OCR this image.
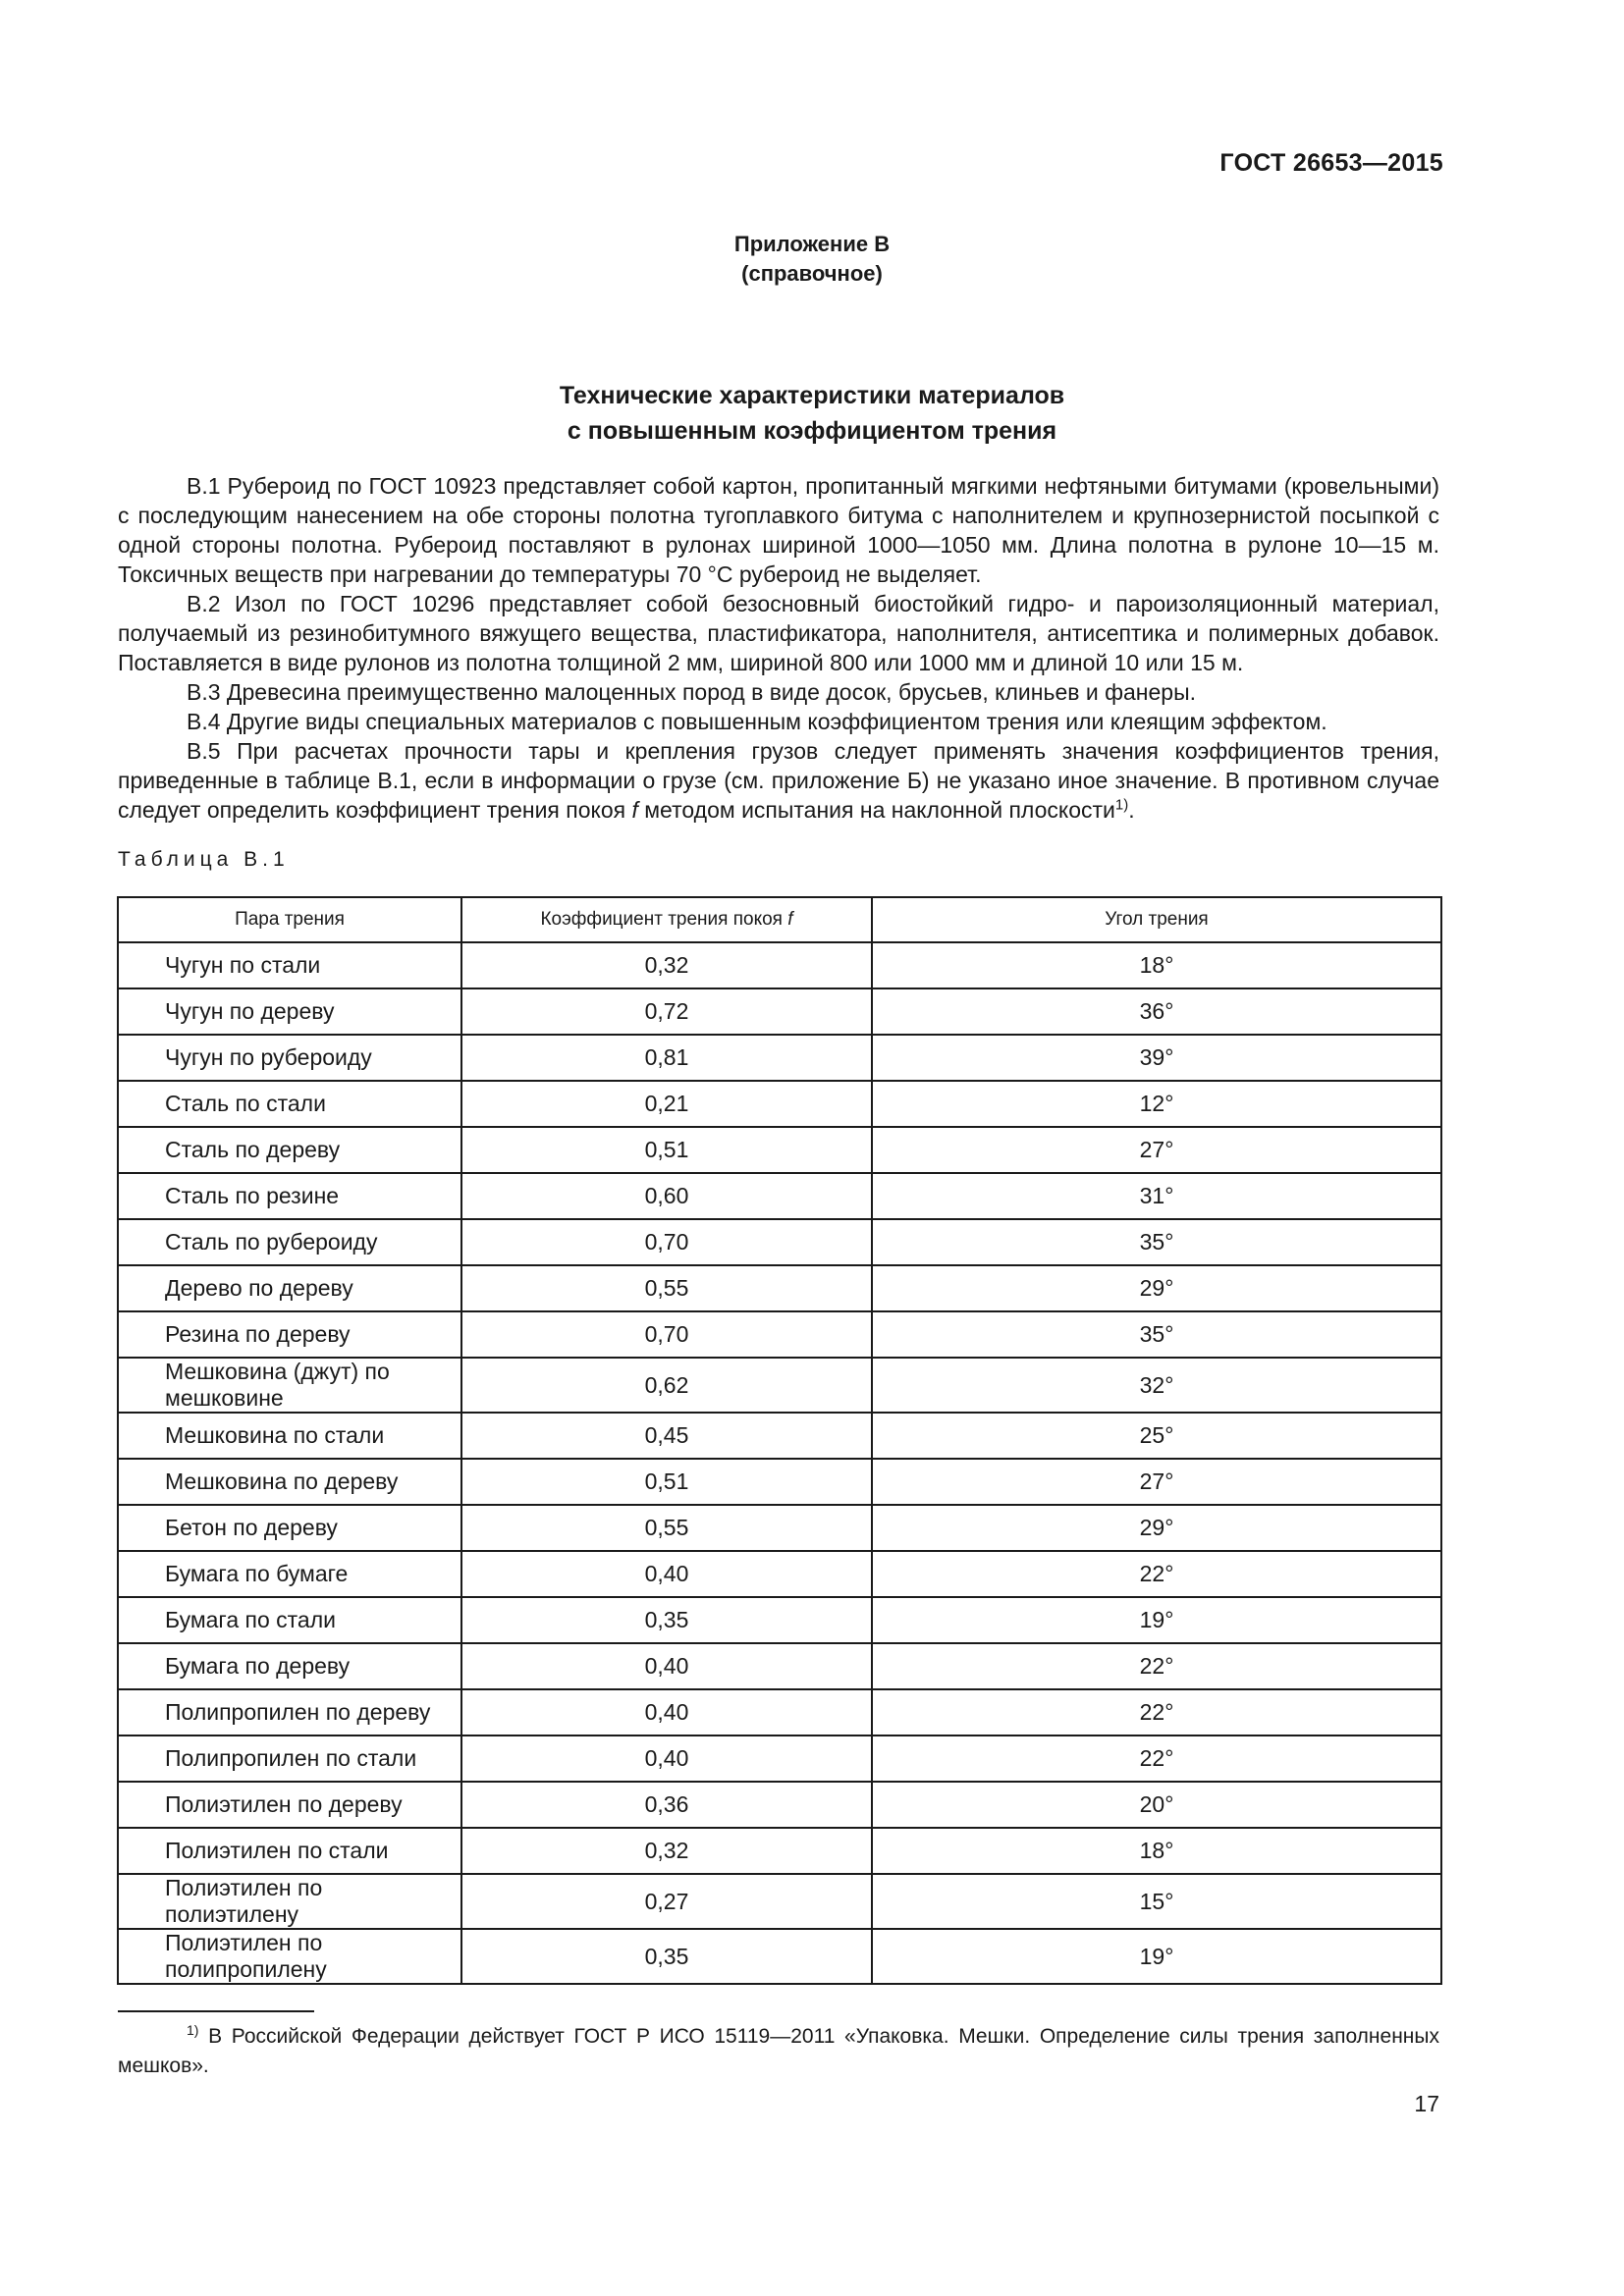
ГОСТ 26653—2015
Приложение В
(справочное)
Технические характеристики материалов
с повышенным коэффициентом трения

В.1 Рубероид по ГОСТ 10923 представляет собой картон, пропитанный мягкими нефтяными битумами (кровельными) с последующим нанесением на обе стороны полотна тугоплавкого битума с наполнителем и крупнозернистой посыпкой с одной стороны полотна. Рубероид поставляют в рулонах шириной 1000—1050 мм. Длина полотна в рулоне 10—15 м. Токсичных веществ при нагревании до температуры 70 °С рубероид не выделяет.

В.2 Изол по ГОСТ 10296 представляет собой безосновный биостойкий гидро- и пароизоляционный материал, получаемый из резинобитумного вяжущего вещества, пластификатора, наполнителя, антисептика и полимерных добавок. Поставляется в виде рулонов из полотна толщиной 2 мм, шириной 800 или 1000 мм и длиной 10 или 15 м.

В.3 Древесина преимущественно малоценных пород в виде досок, брусьев, клиньев и фанеры.

В.4 Другие виды специальных материалов с повышенным коэффициентом трения или клеящим эффектом.

В.5 При расчетах прочности тары и крепления грузов следует применять значения коэффициентов трения, приведенные в таблице В.1, если в информации о грузе (см. приложение Б) не указано иное значение. В противном случае следует определить коэффициент трения покоя f методом испытания на наклонной плоскости$^{1)}$.

Таблица В.1
Пара трения	Коэффициент трения покоя f	Угол трения
Чугун по стали	0,32	18°
Чугун по дереву	0,72	36°
Чугун по рубероиду	0,81	39°
Сталь по стали	0,21	12°
Сталь по дереву	0,51	27°
Сталь по резине	0,60	31°
Сталь по рубероиду	0,70	35°
Дерево по дереву	0,55	29°
Резина по дереву	0,70	35°
Мешковина (джут) по мешковине	0,62	32°
Мешковина по стали	0,45	25°
Мешковина по дереву	0,51	27°
Бетон по дереву	0,55	29°
Бумага по бумаге	0,40	22°
Бумага по стали	0,35	19°
Бумага по дереву	0,40	22°
Полипропилен по дереву	0,40	22°
Полипропилен по стали	0,40	22°
Полиэтилен по дереву	0,36	20°
Полиэтилен по стали	0,32	18°
Полиэтилен по полиэтилену	0,27	15°
Полиэтилен по полипропилену	0,35	19°
$^{1)}$ В Российской Федерации действует ГОСТ Р ИСО 15119—2011 «Упаковка. Мешки. Определение силы трения заполненных мешков».
17
